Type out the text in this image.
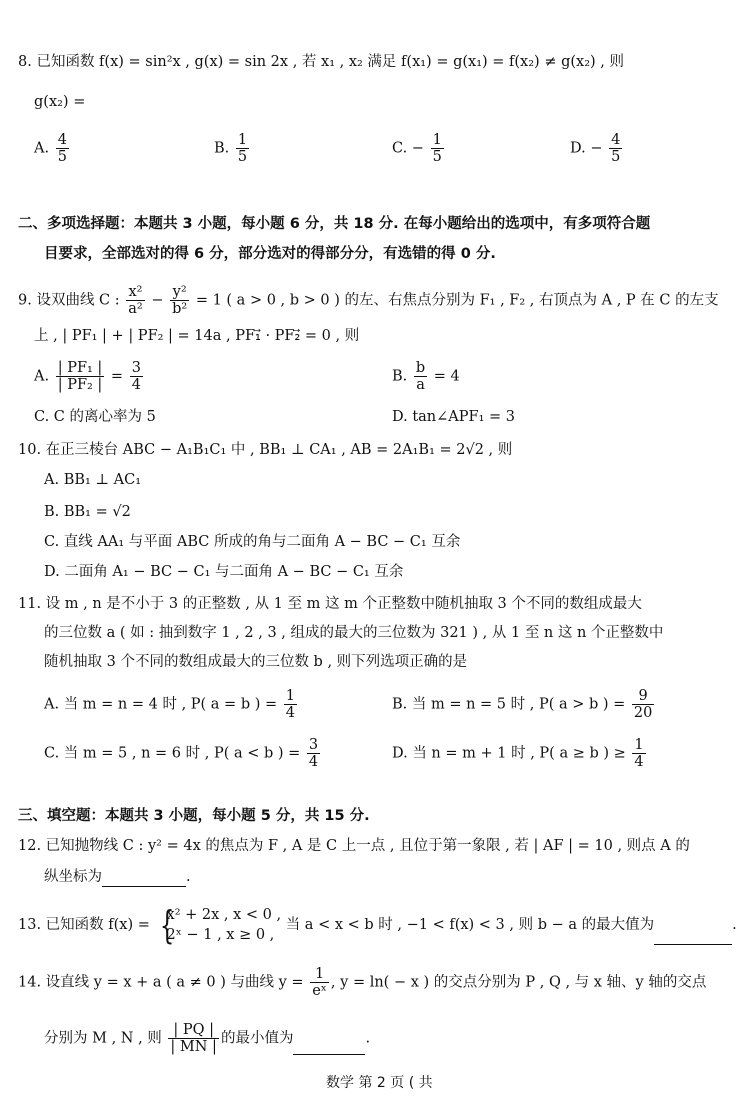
8. 已知函数 f(x) = sin²x , g(x) = sin 2x , 若 x₁ , x₂ 满足 f(x₁) = g(x₁) = f(x₂) ≠ g(x₂) , 则
g(x₂) =
A. $\frac{4}{5}$	B. $\frac{1}{5}$	C. − $\frac{1}{5}$	D. − $\frac{4}{5}$
二、多项选择题：本题共 3 小题，每小题 6 分，共 18 分. 在每小题给出的选项中，有多项符合题
目要求，全部选对的得 6 分，部分选对的得部分分，有选错的得 0 分.
9. 设双曲线 C : $\frac{\text{x²}}{\text{a²}} - \frac{\text{y²}}{\text{b²}} = 1$ ( a > 0 , b > 0 ) 的左、右焦点分别为 F₁ , F₂ , 右顶点为 A , P 在 C 的左支
上 , | PF₁ | + | PF₂ | = 14a , PF₁⃗ · PF₂⃗ = 0 , 则
A. $\frac{\text{| PF₁ |}}{\text{| PF₂ |}} = \frac{3}{4}$	B. $\frac{b}{a} = 4$
C. C 的离心率为 5	D. tan∠APF₁ = 3
10. 在正三棱台 ABC − A₁B₁C₁ 中 , BB₁ ⊥ CA₁ , AB = 2A₁B₁ = 2√2 , 则
A. BB₁ ⊥ AC₁
B. BB₁ = √2
C. 直线 AA₁ 与平面 ABC 所成的角与二面角 A − BC − C₁ 互余
D. 二面角 A₁ − BC − C₁ 与二面角 A − BC − C₁ 互余
11. 设 m , n 是不小于 3 的正整数 , 从 1 至 m 这 m 个正整数中随机抽取 3 个不同的数组成最大
的三位数 a ( 如 : 抽到数字 1 , 2 , 3 , 组成的最大的三位数为 321 ) , 从 1 至 n 这 n 个正整数中
随机抽取 3 个不同的数组成最大的三位数 b , 则下列选项正确的是
A. 当 m = n = 4 时 , P( a = b ) = $\frac{1}{4}$	B. 当 m = n = 5 时 , P( a > b ) = $\frac{9}{20}$
C. 当 m = 5 , n = 6 时 , P( a < b ) = $\frac{3}{4}$	D. 当 n = m + 1 时 , P( a ≥ b ) ≥ $\frac{1}{4}$
三、填空题：本题共 3 小题，每小题 5 分，共 15 分.
12. 已知抛物线 C : y² = 4x 的焦点为 F , A 是 C 上一点 , 且位于第一象限 , 若 | AF | = 10 , 则点 A 的
纵坐标为	.
13. 已知函数 f(x) = {
x² + 2x , x < 0 ,
2ˣ − 1 , x ≥ 0 ,
当 a < x < b 时 , −1 < f(x) < 3 , 则 b − a 的最大值为	.
14. 设直线 y = x + a ( a ≠ 0 ) 与曲线 $y = \frac{1}{\text{eˣ}}$ , y = ln( − x ) 的交点分别为 P , Q , 与 x 轴、y 轴的交点
分别为 M , N , 则 $\frac{| PQ |}{| MN |}$ 的最小值为	.
数学 第 2 页 ( 共
